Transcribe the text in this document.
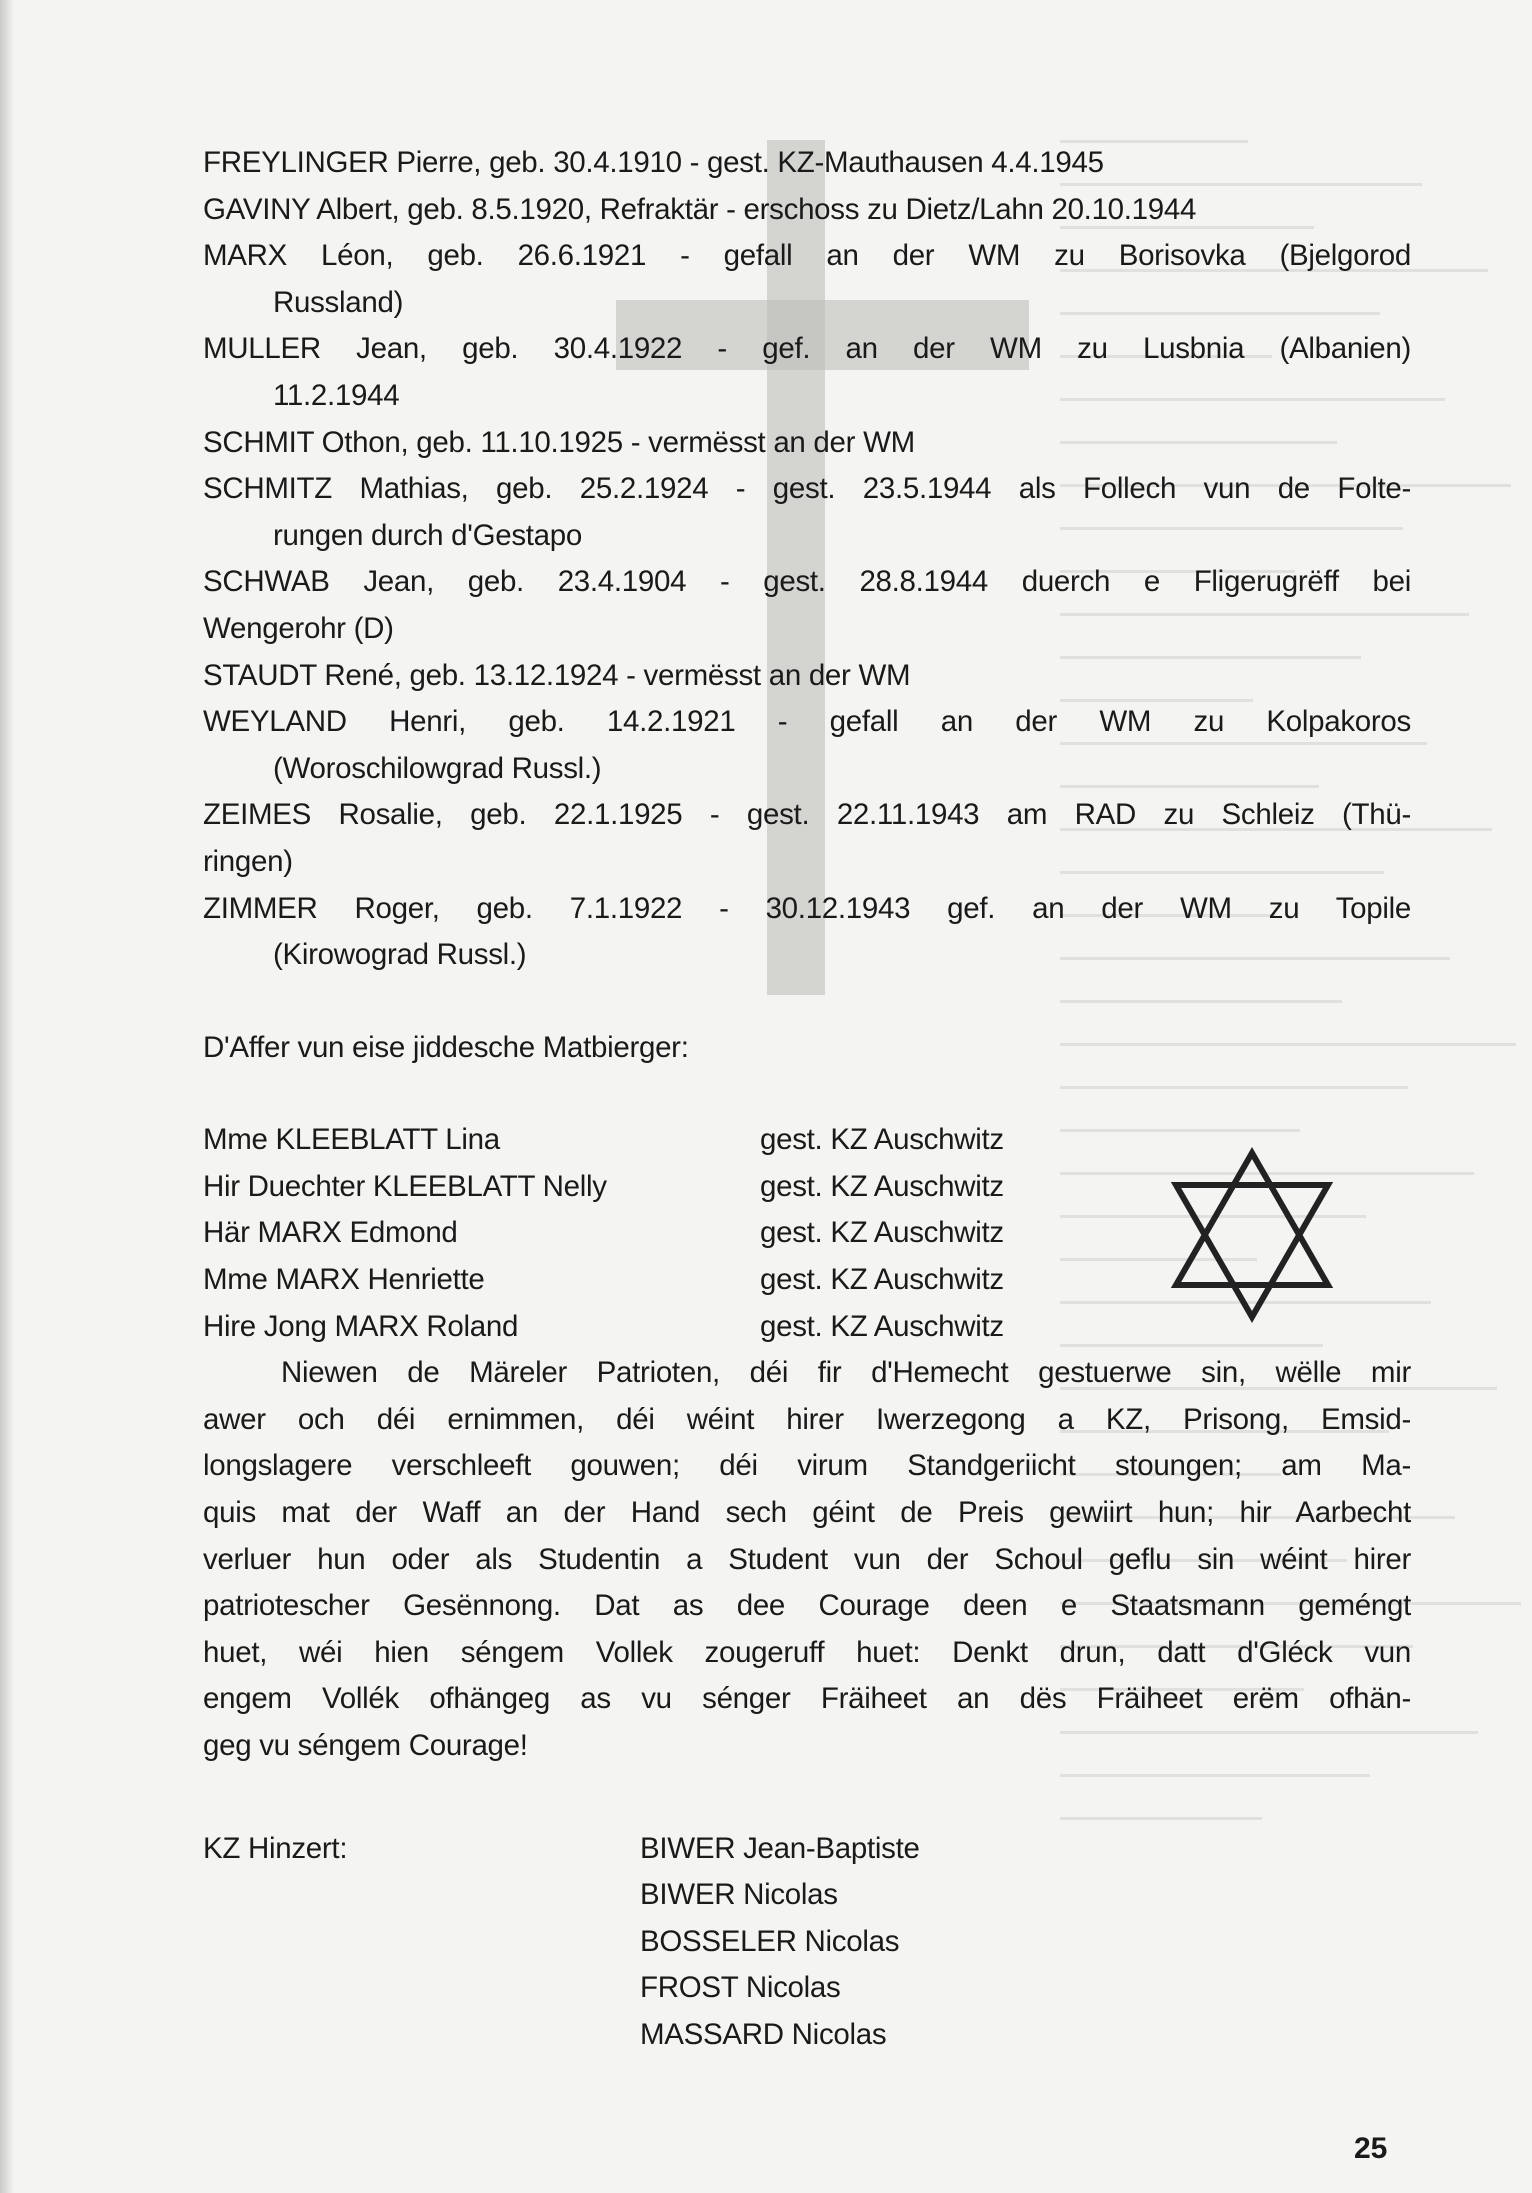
FREYLINGER Pierre, geb. 30.4.1910 - gest. KZ-Mauthausen 4.4.1945
GAVINY Albert, geb. 8.5.1920, Refraktär - erschoss zu Dietz/Lahn 20.10.1944
MARX Léon, geb. 26.6.1921 - gefall an der WM zu Borisovka (Bjelgorod
Russland)
MULLER Jean, geb. 30.4.1922 - gef. an der WM zu Lusbnia (Albanien)
11.2.1944
SCHMIT Othon, geb. 11.10.1925 - vermësst an der WM
SCHMITZ Mathias, geb. 25.2.1924 - gest. 23.5.1944 als Follech vun de Folte-
rungen durch d'Gestapo
SCHWAB Jean, geb. 23.4.1904 - gest. 28.8.1944 duerch e Fligerugrëff bei
Wengerohr (D)
STAUDT René, geb. 13.12.1924 - vermësst an der WM
WEYLAND Henri, geb. 14.2.1921 - gefall an der WM zu Kolpakoros
(Woroschilowgrad Russl.)
ZEIMES Rosalie, geb. 22.1.1925 - gest. 22.11.1943 am RAD zu Schleiz (Thü-
ringen)
ZIMMER Roger, geb. 7.1.1922 - 30.12.1943 gef. an der WM zu Topile
(Kirowograd Russl.)
D'Affer vun eise jiddesche Matbierger:
Mme KLEEBLATT Lina	gest. KZ Auschwitz
Hir Duechter KLEEBLATT Nelly	gest. KZ Auschwitz
Här MARX Edmond	gest. KZ Auschwitz
Mme MARX Henriette	gest. KZ Auschwitz
Hire Jong MARX Roland	gest. KZ Auschwitz
Niewen de Märeler Patrioten, déi fir d'Hemecht gestuerwe sin, wëlle mir
awer och déi ernimmen, déi wéint hirer Iwerzegong a KZ, Prisong, Emsid-
longslagere verschleeft gouwen; déi virum Standgeriicht stoungen; am Ma-
quis mat der Waff an der Hand sech géint de Preis gewiirt hun; hir Aarbecht
verluer hun oder als Studentin a Student vun der Schoul geflu sin wéint hirer
patriotescher Gesënnong. Dat as dee Courage deen e Staatsmann geméngt
huet, wéi hien séngem Vollek zougeruff huet: Denkt drun, datt d'Gléck vun
engem Vollék ofhängeg as vu sénger Fräiheet an dës Fräiheet erëm ofhän-
geg vu séngem Courage!
KZ Hinzert:	BIWER Jean-Baptiste
BIWER Nicolas
BOSSELER Nicolas
FROST Nicolas
MASSARD Nicolas
25
